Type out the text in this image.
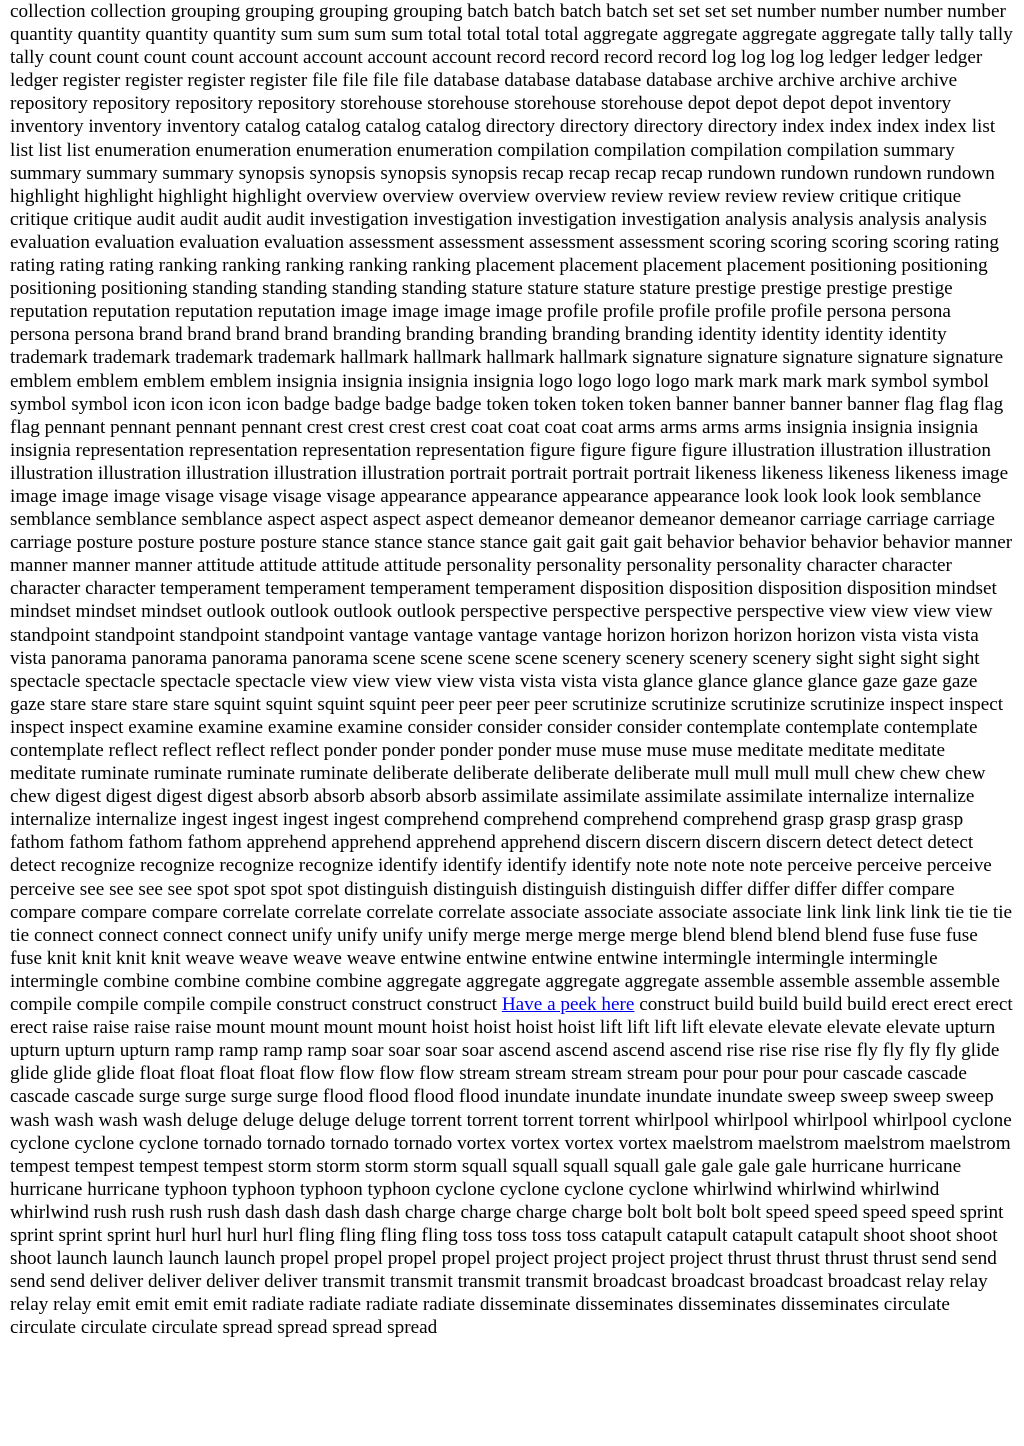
collection collection grouping grouping grouping grouping batch batch batch batch set set set set number number number number quantity quantity quantity quantity sum sum sum sum total total total total aggregate aggregate aggregate aggregate tally tally tally tally count count count count account account account account record record record record log log log log ledger ledger ledger ledger register register register register file file file file database database database database archive archive archive archive repository repository repository repository storehouse storehouse storehouse storehouse depot depot depot depot inventory inventory inventory inventory catalog catalog catalog catalog directory directory directory directory index index index index list list list list enumeration enumeration enumeration enumeration compilation compilation compilation compilation summary summary summary summary synopsis synopsis synopsis synopsis recap recap recap recap rundown rundown rundown rundown highlight highlight highlight highlight overview overview overview overview review review review review critique critique critique critique audit audit audit audit investigation investigation investigation investigation analysis analysis analysis analysis evaluation evaluation evaluation evaluation assessment assessment assessment assessment scoring scoring scoring scoring rating rating rating rating ranking ranking ranking ranking ranking placement placement placement placement positioning positioning positioning positioning standing standing standing standing stature stature stature stature prestige prestige prestige prestige reputation reputation reputation reputation image image image image profile profile profile profile profile persona persona persona persona brand brand brand brand branding branding branding branding branding identity identity identity identity trademark trademark trademark trademark hallmark hallmark hallmark hallmark signature signature signature signature signature emblem emblem emblem emblem insignia insignia insignia insignia logo logo logo logo mark mark mark mark symbol symbol symbol symbol icon icon icon icon badge badge badge badge token token token token banner banner banner banner flag flag flag flag pennant pennant pennant pennant crest crest crest crest coat coat coat coat arms arms arms arms insignia insignia insignia insignia representation representation representation representation figure figure figure figure illustration illustration illustration illustration illustration illustration illustration illustration portrait portrait portrait portrait likeness likeness likeness likeness image image image image visage visage visage visage appearance appearance appearance appearance look look look look semblance semblance semblance semblance aspect aspect aspect aspect demeanor demeanor demeanor demeanor carriage carriage carriage carriage posture posture posture posture stance stance stance stance gait gait gait gait behavior behavior behavior behavior manner manner manner manner attitude attitude attitude attitude personality personality personality personality character character character character temperament temperament temperament temperament disposition disposition disposition disposition mindset mindset mindset mindset outlook outlook outlook outlook perspective perspective perspective perspective view view view view standpoint standpoint standpoint standpoint vantage vantage vantage vantage horizon horizon horizon horizon vista vista vista vista panorama panorama panorama panorama scene scene scene scene scenery scenery scenery scenery sight sight sight sight spectacle spectacle spectacle spectacle view view view view vista vista vista vista glance glance glance glance gaze gaze gaze gaze stare stare stare stare squint squint squint squint peer peer peer peer scrutinize scrutinize scrutinize scrutinize inspect inspect inspect inspect examine examine examine examine consider consider consider consider contemplate contemplate contemplate contemplate reflect reflect reflect reflect ponder ponder ponder ponder muse muse muse muse meditate meditate meditate meditate ruminate ruminate ruminate ruminate deliberate deliberate deliberate deliberate mull mull mull mull chew chew chew chew digest digest digest digest absorb absorb absorb absorb assimilate assimilate assimilate assimilate internalize internalize internalize internalize ingest ingest ingest ingest comprehend comprehend comprehend comprehend grasp grasp grasp grasp fathom fathom fathom fathom apprehend apprehend apprehend apprehend discern discern discern discern detect detect detect detect recognize recognize recognize recognize identify identify identify identify note note note note perceive perceive perceive perceive see see see see spot spot spot spot distinguish distinguish distinguish distinguish differ differ differ differ compare compare compare compare correlate correlate correlate correlate associate associate associate associate link link link link tie tie tie tie connect connect connect connect unify unify unify unify merge merge merge merge blend blend blend blend fuse fuse fuse fuse knit knit knit knit weave weave weave weave entwine entwine entwine entwine intermingle intermingle intermingle intermingle combine combine combine combine aggregate aggregate aggregate aggregate assemble assemble assemble assemble compile compile compile compile construct construct construct Have a peek here construct build build build build erect erect erect erect raise raise raise raise mount mount mount mount hoist hoist hoist hoist lift lift lift lift elevate elevate elevate elevate upturn upturn upturn upturn ramp ramp ramp ramp soar soar soar soar ascend ascend ascend ascend rise rise rise rise fly fly fly fly glide glide glide glide float float float float flow flow flow flow stream stream stream stream pour pour pour pour cascade cascade cascade cascade surge surge surge surge flood flood flood flood inundate inundate inundate inundate sweep sweep sweep sweep wash wash wash wash deluge deluge deluge deluge torrent torrent torrent torrent whirlpool whirlpool whirlpool whirlpool cyclone cyclone cyclone cyclone tornado tornado tornado tornado vortex vortex vortex vortex maelstrom maelstrom maelstrom maelstrom tempest tempest tempest tempest storm storm storm storm squall squall squall squall gale gale gale gale hurricane hurricane hurricane hurricane typhoon typhoon typhoon typhoon cyclone cyclone cyclone cyclone whirlwind whirlwind whirlwind whirlwind rush rush rush rush dash dash dash dash charge charge charge charge bolt bolt bolt bolt speed speed speed speed sprint sprint sprint sprint hurl hurl hurl hurl fling fling fling fling toss toss toss toss catapult catapult catapult catapult shoot shoot shoot shoot launch launch launch launch propel propel propel propel project project project project thrust thrust thrust thrust send send send send deliver deliver deliver deliver transmit transmit transmit transmit broadcast broadcast broadcast broadcast relay relay relay relay emit emit emit emit radiate radiate radiate radiate disseminate disseminates disseminates disseminates circulate circulate circulate circulate spread spread spread spread
